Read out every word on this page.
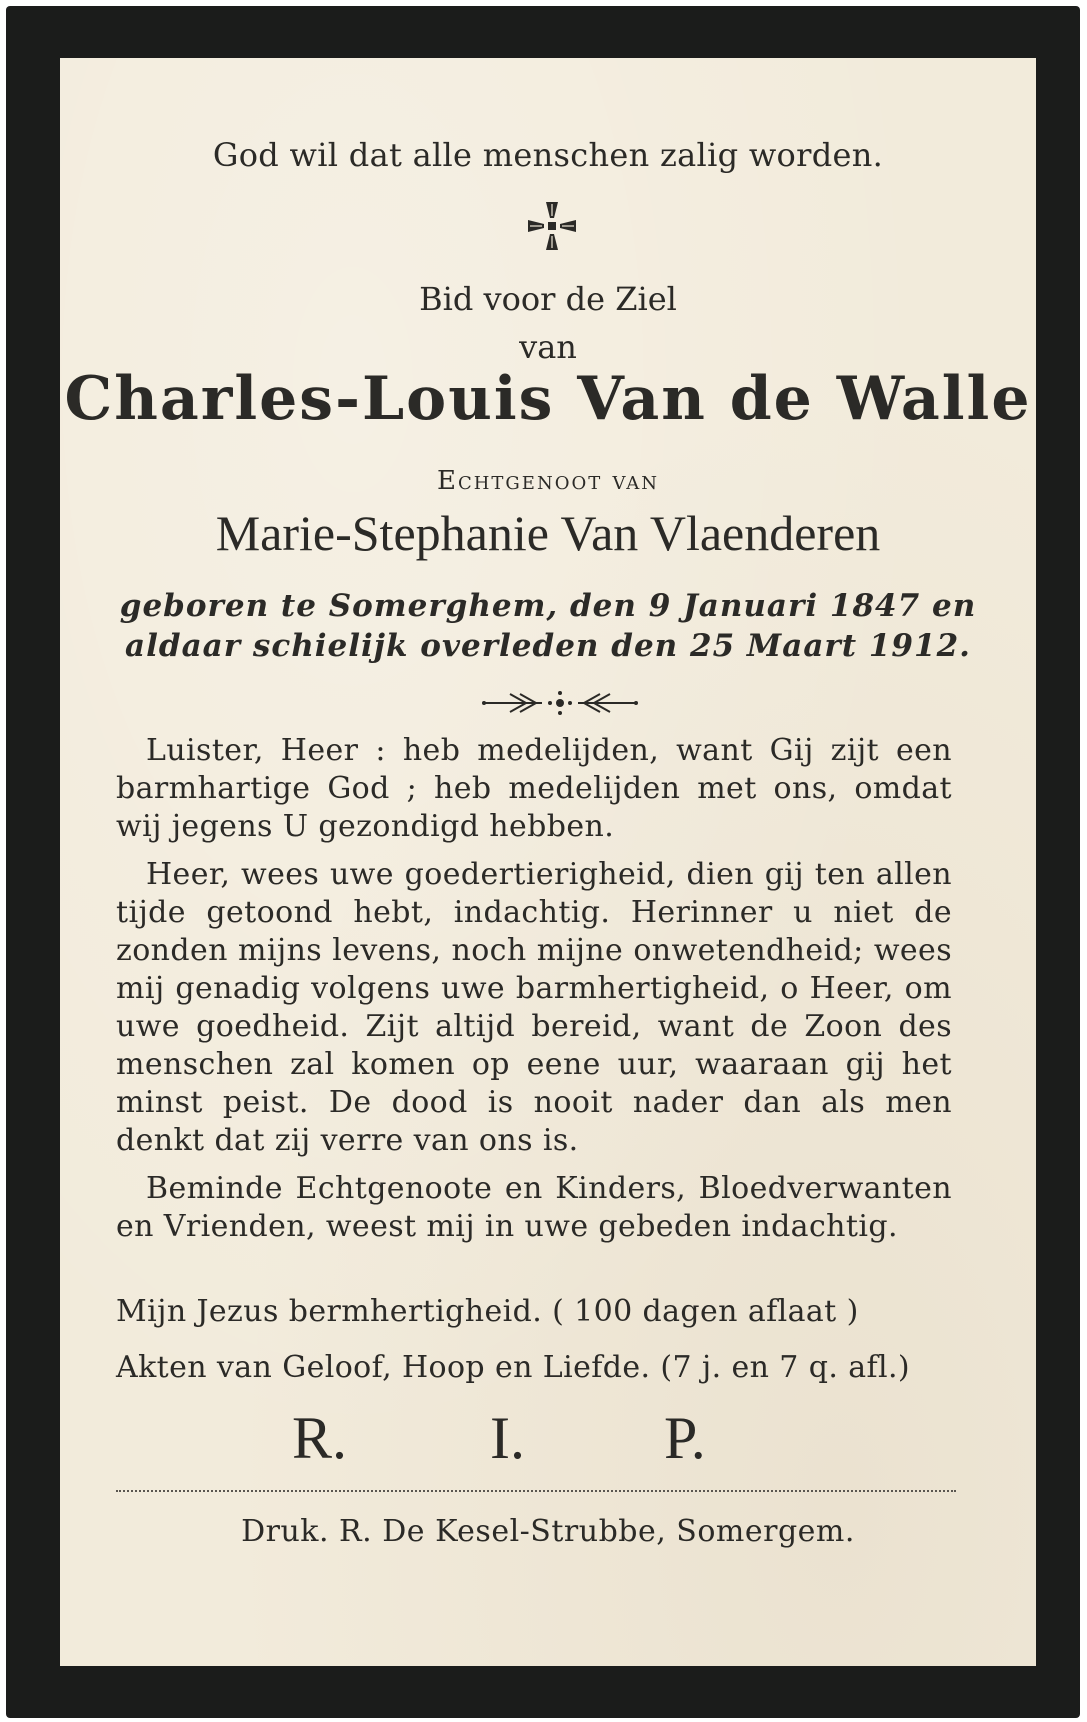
God wil dat alle menschen zalig worden.
Bid voor de Ziel
van
Charles-Louis Van de Walle
Echtgenoot van
Marie-Stephanie Van Vlaenderen
geboren te Somerghem, den 9 Januari 1847 en
aldaar schielijk overleden den 25 Maart 1912.
Luister, Heer : heb medelijden, want Gij zijt een barmhartige God ; heb medelijden met ons, omdat wij jegens U gezondigd hebben.
Heer, wees uwe goedertierigheid, dien gij ten allen tijde getoond hebt, indachtig. Herinner u niet de zonden mijns levens, noch mijne onwetendheid; wees mij genadig volgens uwe barmhertigheid, o Heer, om uwe goedheid. Zijt altijd bereid, want de Zoon des menschen zal komen op eene uur, waaraan gij het minst peist. De dood is nooit nader dan als men denkt dat zij verre van ons is.
Beminde Echtgenoote en Kinders, Bloedverwanten en Vrienden, weest mij in uwe gebeden indachtig.
Mijn Jezus bermhertigheid. ( 100 dagen aflaat )
Akten van Geloof, Hoop en Liefde. (7 j. en 7 q. afl.)
R. I. P.
Druk. R. De Kesel-Strubbe, Somergem.
